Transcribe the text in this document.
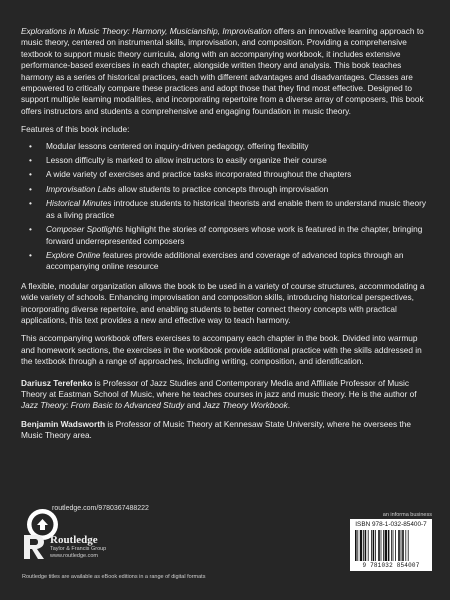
Explorations in Music Theory: Harmony, Musicianship, Improvisation offers an innovative learning approach to music theory, centered on instrumental skills, improvisation, and composition. Providing a comprehensive textbook to support music theory curricula, along with an accompanying workbook, it includes extensive performance-based exercises in each chapter, alongside written theory and analysis. This book teaches harmony as a series of historical practices, each with different advantages and disadvantages. Classes are empowered to critically compare these practices and adopt those that they find most effective. Designed to support multiple learning modalities, and incorporating repertoire from a diverse array of composers, this book offers instructors and students a comprehensive and engaging foundation in music theory.

Features of this book include:

• Modular lessons centered on inquiry-driven pedagogy, offering flexibility
• Lesson difficulty is marked to allow instructors to easily organize their course
• A wide variety of exercises and practice tasks incorporated throughout the chapters
• Improvisation Labs allow students to practice concepts through improvisation
• Historical Minutes introduce students to historical theorists and enable them to understand music theory as a living practice
• Composer Spotlights highlight the stories of composers whose work is featured in the chapter, bringing forward underrepresented composers
• Explore Online features provide additional exercises and coverage of advanced topics through an accompanying online resource

A flexible, modular organization allows the book to be used in a variety of course structures, accommodating a wide variety of schools. Enhancing improvisation and composition skills, introducing historical perspectives, incorporating diverse repertoire, and enabling students to better connect theory concepts with practical applications, this text provides a new and effective way to teach harmony.

This accompanying workbook offers exercises to accompany each chapter in the book. Divided into warmup and homework sections, the exercises in the workbook provide additional practice with the skills addressed in the textbook through a range of approaches, including writing, composition, and identification.

Dariusz Terefenko is Professor of Jazz Studies and Contemporary Media and Affiliate Professor of Music Theory at Eastman School of Music, where he teaches courses in jazz and music theory. He is the author of Jazz Theory: From Basic to Advanced Study and Jazz Theory Workbook.

Benjamin Wadsworth is Professor of Music Theory at Kennesaw State University, where he oversees the Music Theory area.

routledge.com/9780367488222
Routledge
Taylor & Francis Group
www.routledge.com
Routledge titles are available as eBook editions in a range of digital formats
an informa business
ISBN 978-1-032-85400-7
9 781032 854007
